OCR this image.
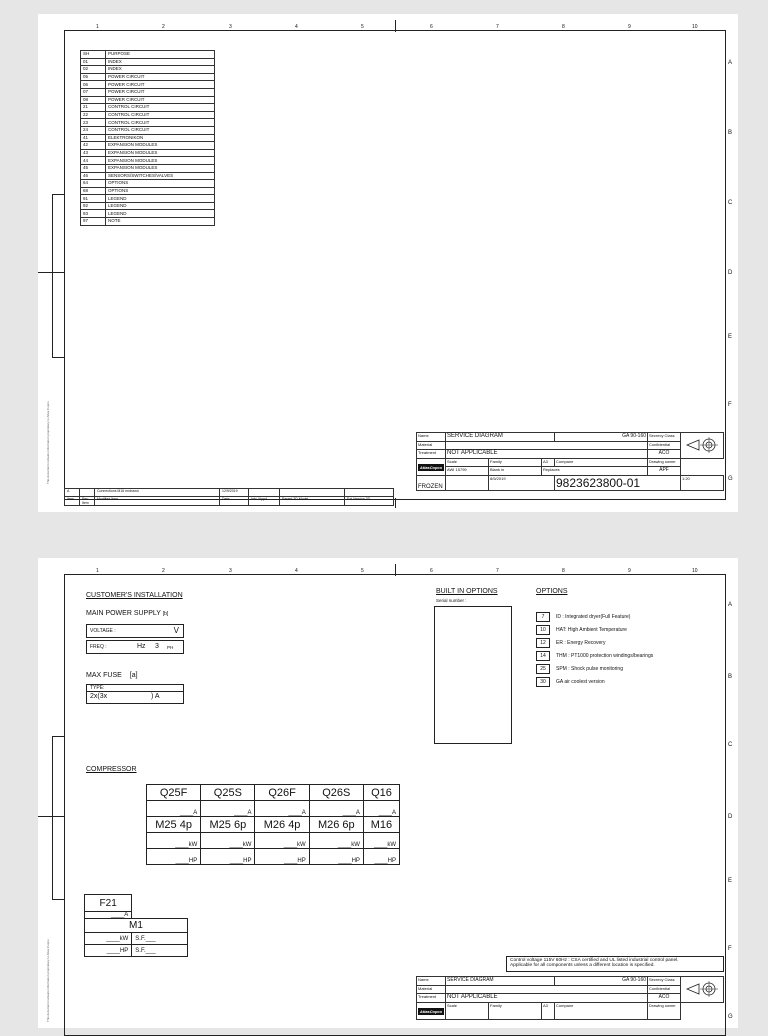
1	2	3	4	5	6	7	8	9	10
A
B
C
D
E
F
G
This document contains information proprietary to Atlas Copco
SH	PURPOSE
01	INDEX
02	INDEX
05	POWER CIRCUIT
06	POWER CIRCUIT
07	POWER CIRCUIT
08	POWER CIRCUIT
21	CONTROL CIRCUIT
22	CONTROL CIRCUIT
23	CONTROL CIRCUIT
24	CONTROL CIRCUIT
41	ELEKTRONIKON
42	EXPANSION MODULES
43	EXPANSION MODULES
44	EXPANSION MODULES
45	EXPANSION MODULES
46	SENSORS/SWITCHES/VALVES
64	OPTIONS
68	OPTIONS
91	LEGEND
92	LEGEND
93	LEGEND
97	NOTE
A		Connections M16 rmdrawn	12/9/2019			
Item	Rev. Item	Modified Item	Date	Info./Appd.	Parent 3D Model	Ext.Version 3D
Name	SERVICE DIAGRAM			GA 90-160	Secrecy Class	
Material					Confidential	
Treatment	NOT APPLICABLE				ACO	

AtlasCopco	Scale	Family	A3	Compane	Drawing owner	
	AWI 15799	Blank in	Replaces		APF	
FROZEN		8/5/2019		9823623800-01		1:20
1	2	3	4	5	6	7	8	9	10
A
B
C
D
E
F
G
This document contains information proprietary to Atlas Copco
CUSTOMER'S INSTALLATION
MAIN POWER SUPPLY [b]
VOLTAGE :	V
FREQ :	Hz 3 PH
MAX FUSE [a]
TYPE:
2x(3x	) A
COMPRESSOR
Q25F	Q25S	Q26F	Q26S	Q16
____A	____A	____A	____A	____A
M25 4p	M25 6p	M26 4p	M26 6p	M16
____kW	____kW	____kW	____kW	____kW
____HP	____HP	____HP	____HP	____HP
F21	
____A	
M1	
____kW	S.F.___
____HP	S.F.___
BUILT IN OPTIONS
Serial number :
OPTIONS
7 ID : Integrated dryer(Full Feature)
10 HAT: High Ambient Temperature
12 ER : Energy Recovery
14 THM : PT1000 protection windings/bearings
25 SPM : Shock pulse monitoring
30 GA air coolest version
Control voltage 115V 60Hz : CSA certified and UL listed industrial control panel.
Applicable for all components unless a different location is specified.
Name	SERVICE DIAGRAM			GA 90-160	Secrecy Class	
Material					Confidential	
Treatment	NOT APPLICABLE				ACO	

AtlasCopco	Scale	Family	A3	Compane	Drawing owner	
